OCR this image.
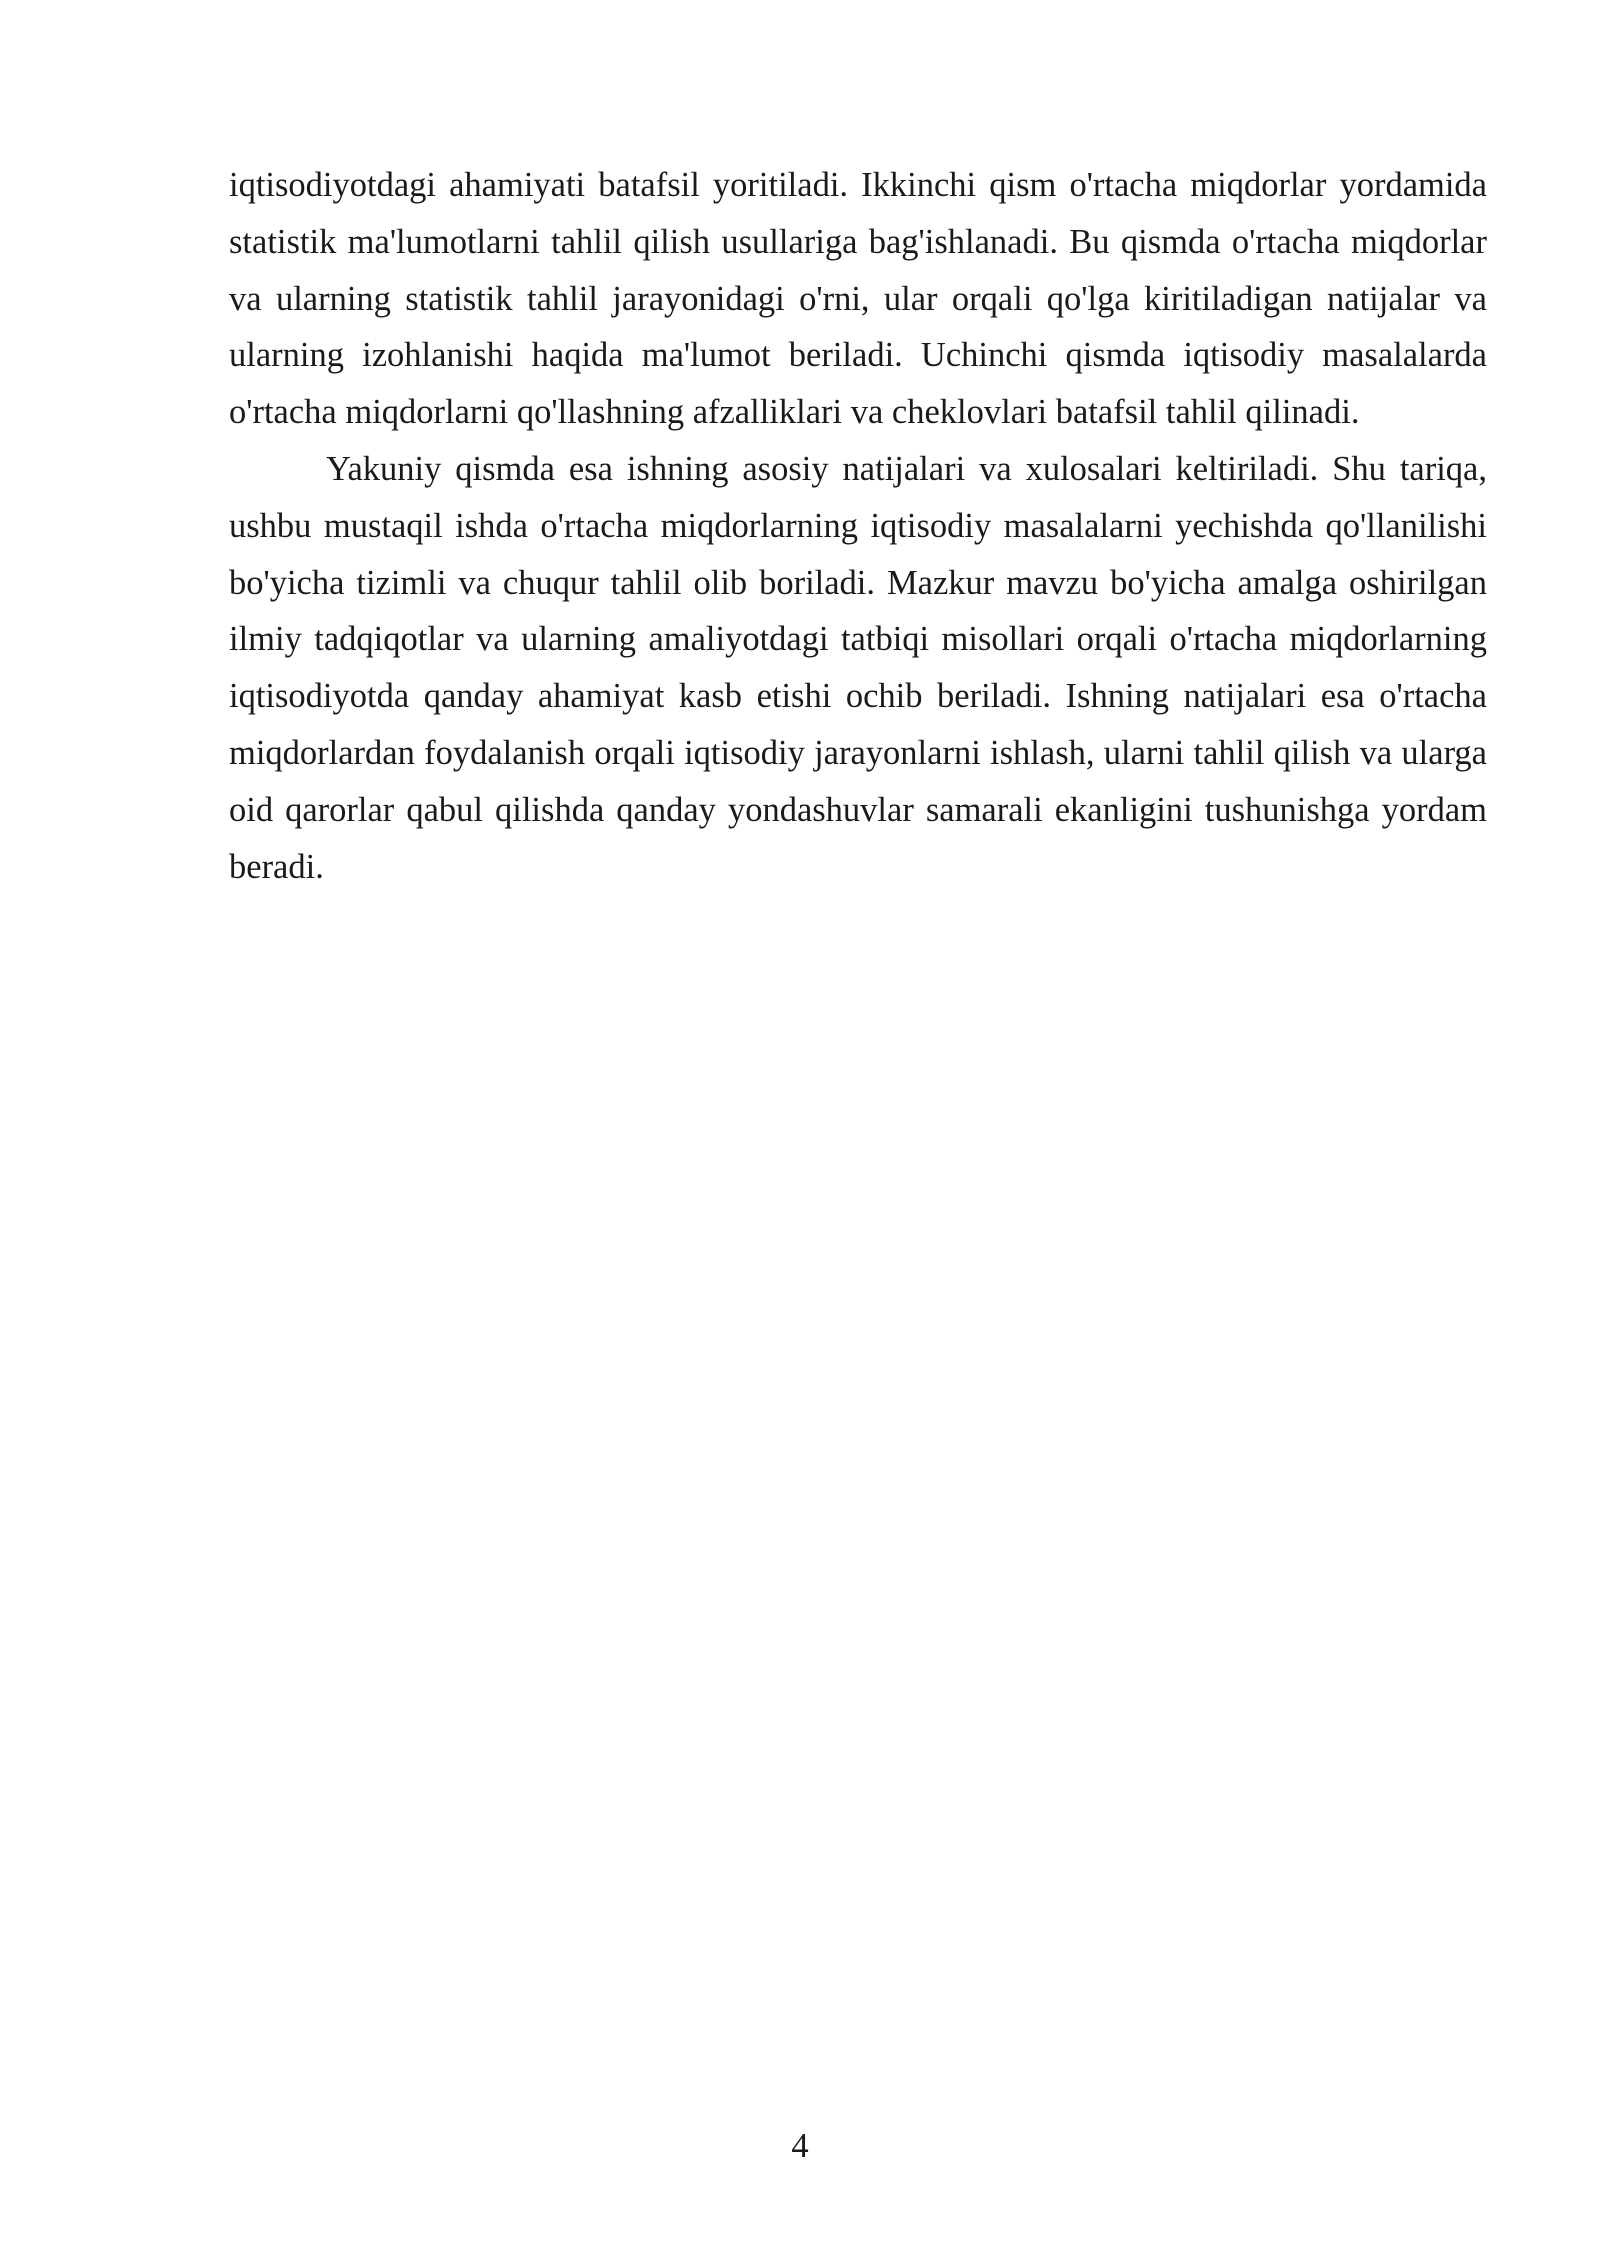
iqtisodiyotdagi ahamiyati batafsil yoritiladi. Ikkinchi qism o'rtacha miqdorlar yordamida statistik ma'lumotlarni tahlil qilish usullariga bag'ishlanadi. Bu qismda o'rtacha miqdorlar va ularning statistik tahlil jarayonidagi o'rni, ular orqali qo'lga kiritiladigan natijalar va ularning izohlanishi haqida ma'lumot beriladi. Uchinchi qismda iqtisodiy masalalarda o'rtacha miqdorlarni qo'llashning afzalliklari va cheklovlari batafsil tahlil qilinadi.

Yakuniy qismda esa ishning asosiy natijalari va xulosalari keltiriladi. Shu tariqa, ushbu mustaqil ishda o'rtacha miqdorlarning iqtisodiy masalalarni yechishda qo'llanilishi bo'yicha tizimli va chuqur tahlil olib boriladi. Mazkur mavzu bo'yicha amalga oshirilgan ilmiy tadqiqotlar va ularning amaliyotdagi tatbiqi misollari orqali o'rtacha miqdorlarning iqtisodiyotda qanday ahamiyat kasb etishi ochib beriladi. Ishning natijalari esa o'rtacha miqdorlardan foydalanish orqali iqtisodiy jarayonlarni ishlash, ularni tahlil qilish va ularga oid qarorlar qabul qilishda qanday yondashuvlar samarali ekanligini tushunishga yordam beradi.

4
